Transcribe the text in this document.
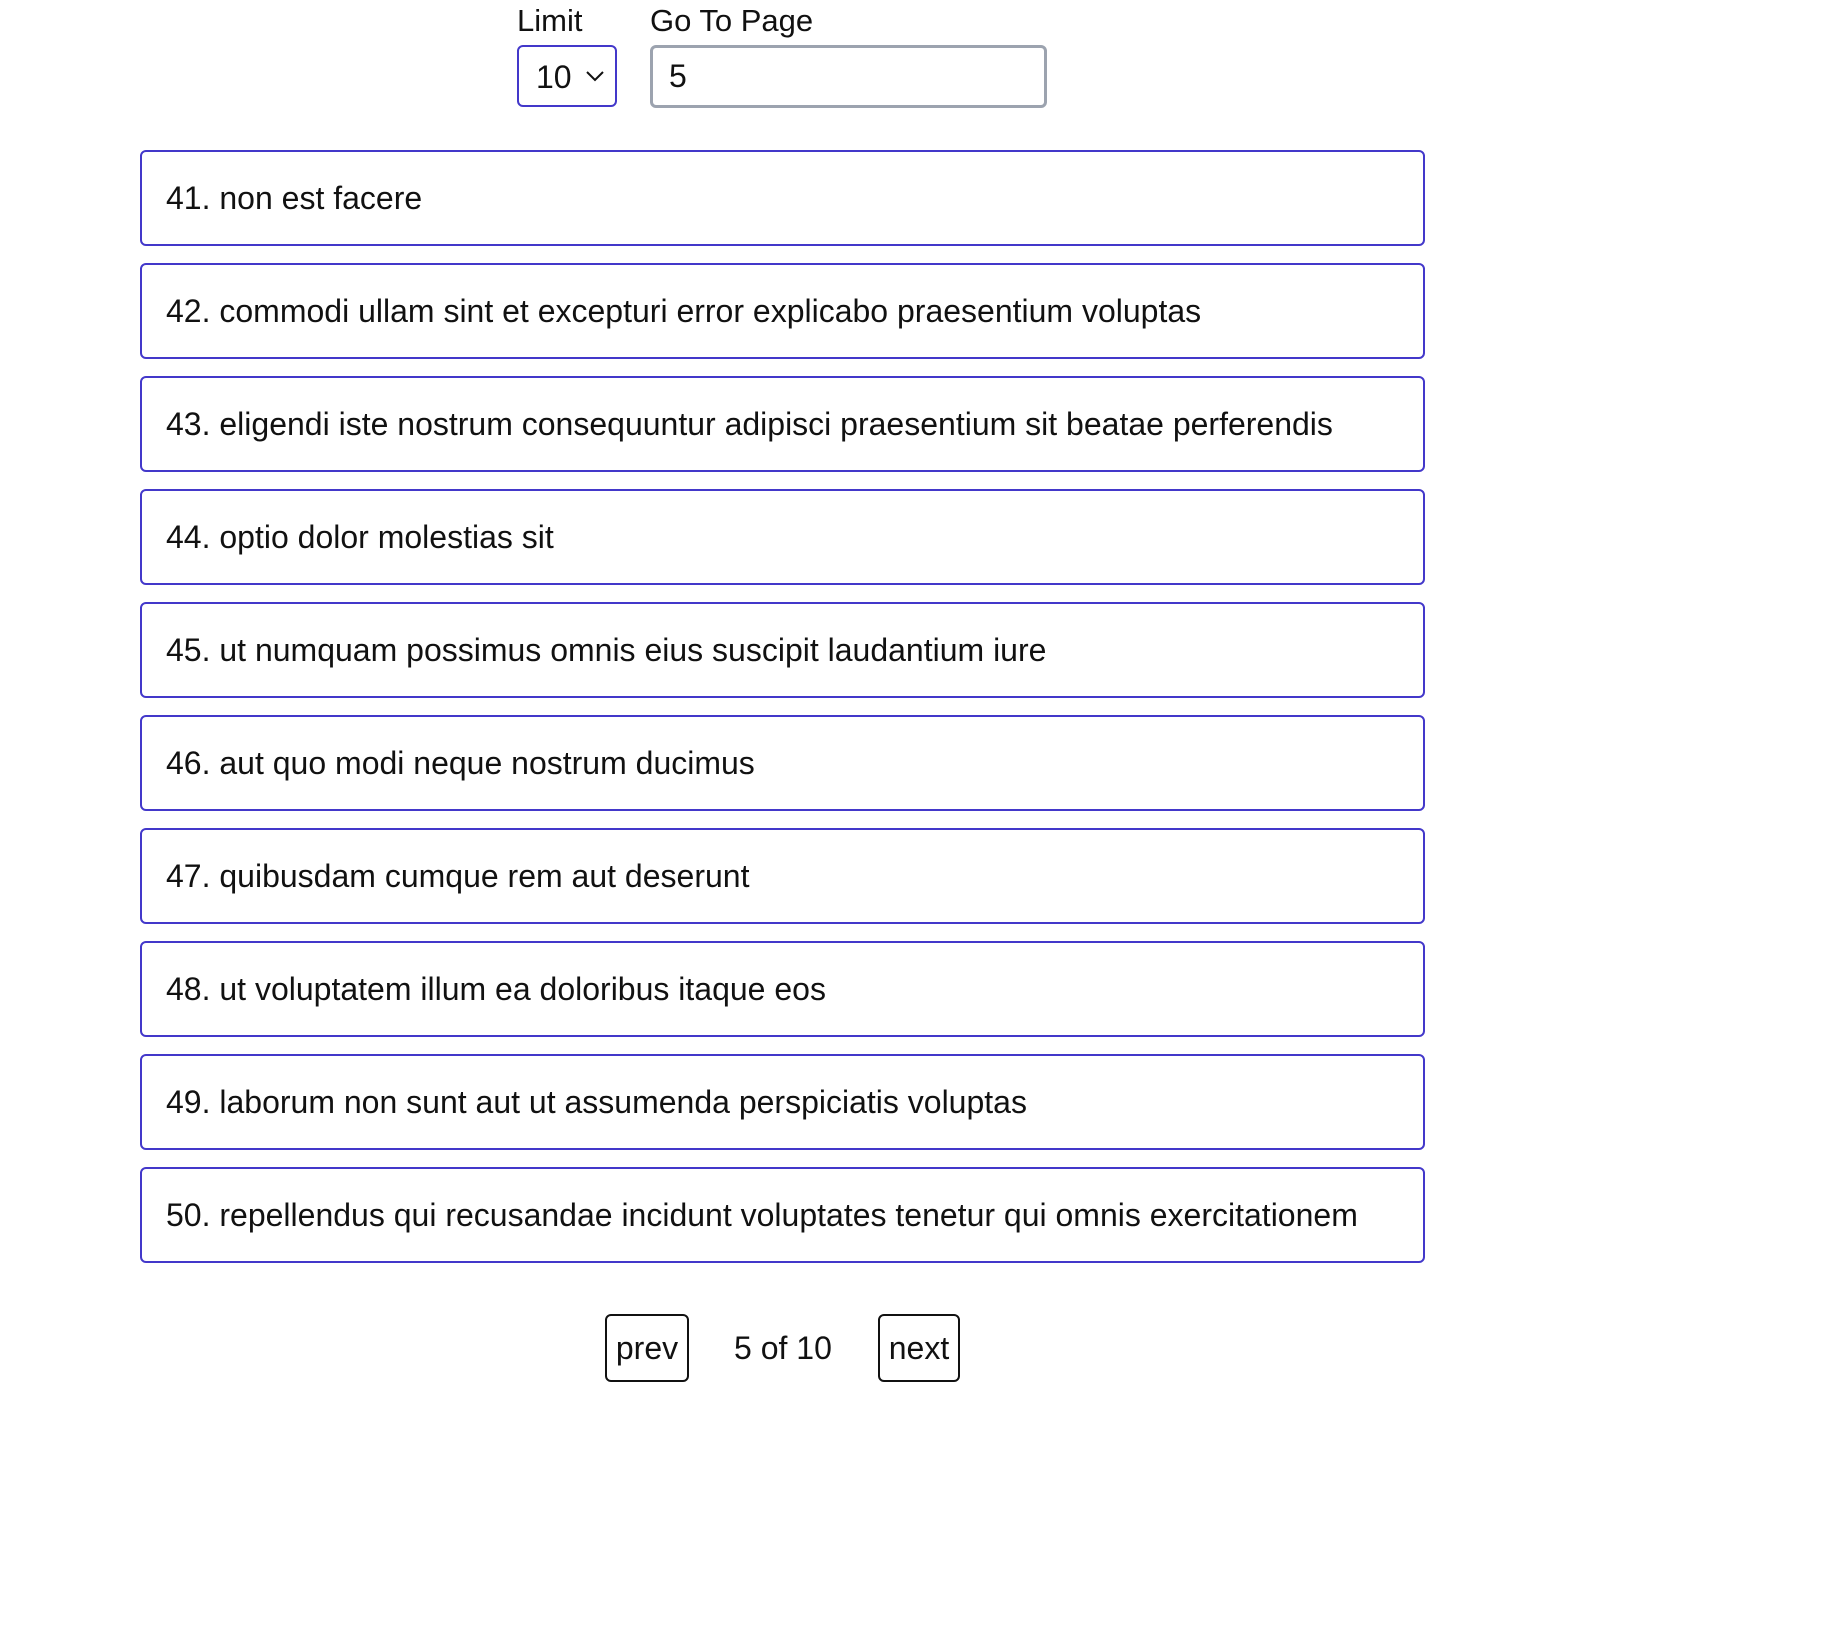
Limit
10
Go To Page
5
41. non est facere
42. commodi ullam sint et excepturi error explicabo praesentium voluptas
43. eligendi iste nostrum consequuntur adipisci praesentium sit beatae perferendis
44. optio dolor molestias sit
45. ut numquam possimus omnis eius suscipit laudantium iure
46. aut quo modi neque nostrum ducimus
47. quibusdam cumque rem aut deserunt
48. ut voluptatem illum ea doloribus itaque eos
49. laborum non sunt aut ut assumenda perspiciatis voluptas
50. repellendus qui recusandae incidunt voluptates tenetur qui omnis exercitationem
prev	5 of 10	next
